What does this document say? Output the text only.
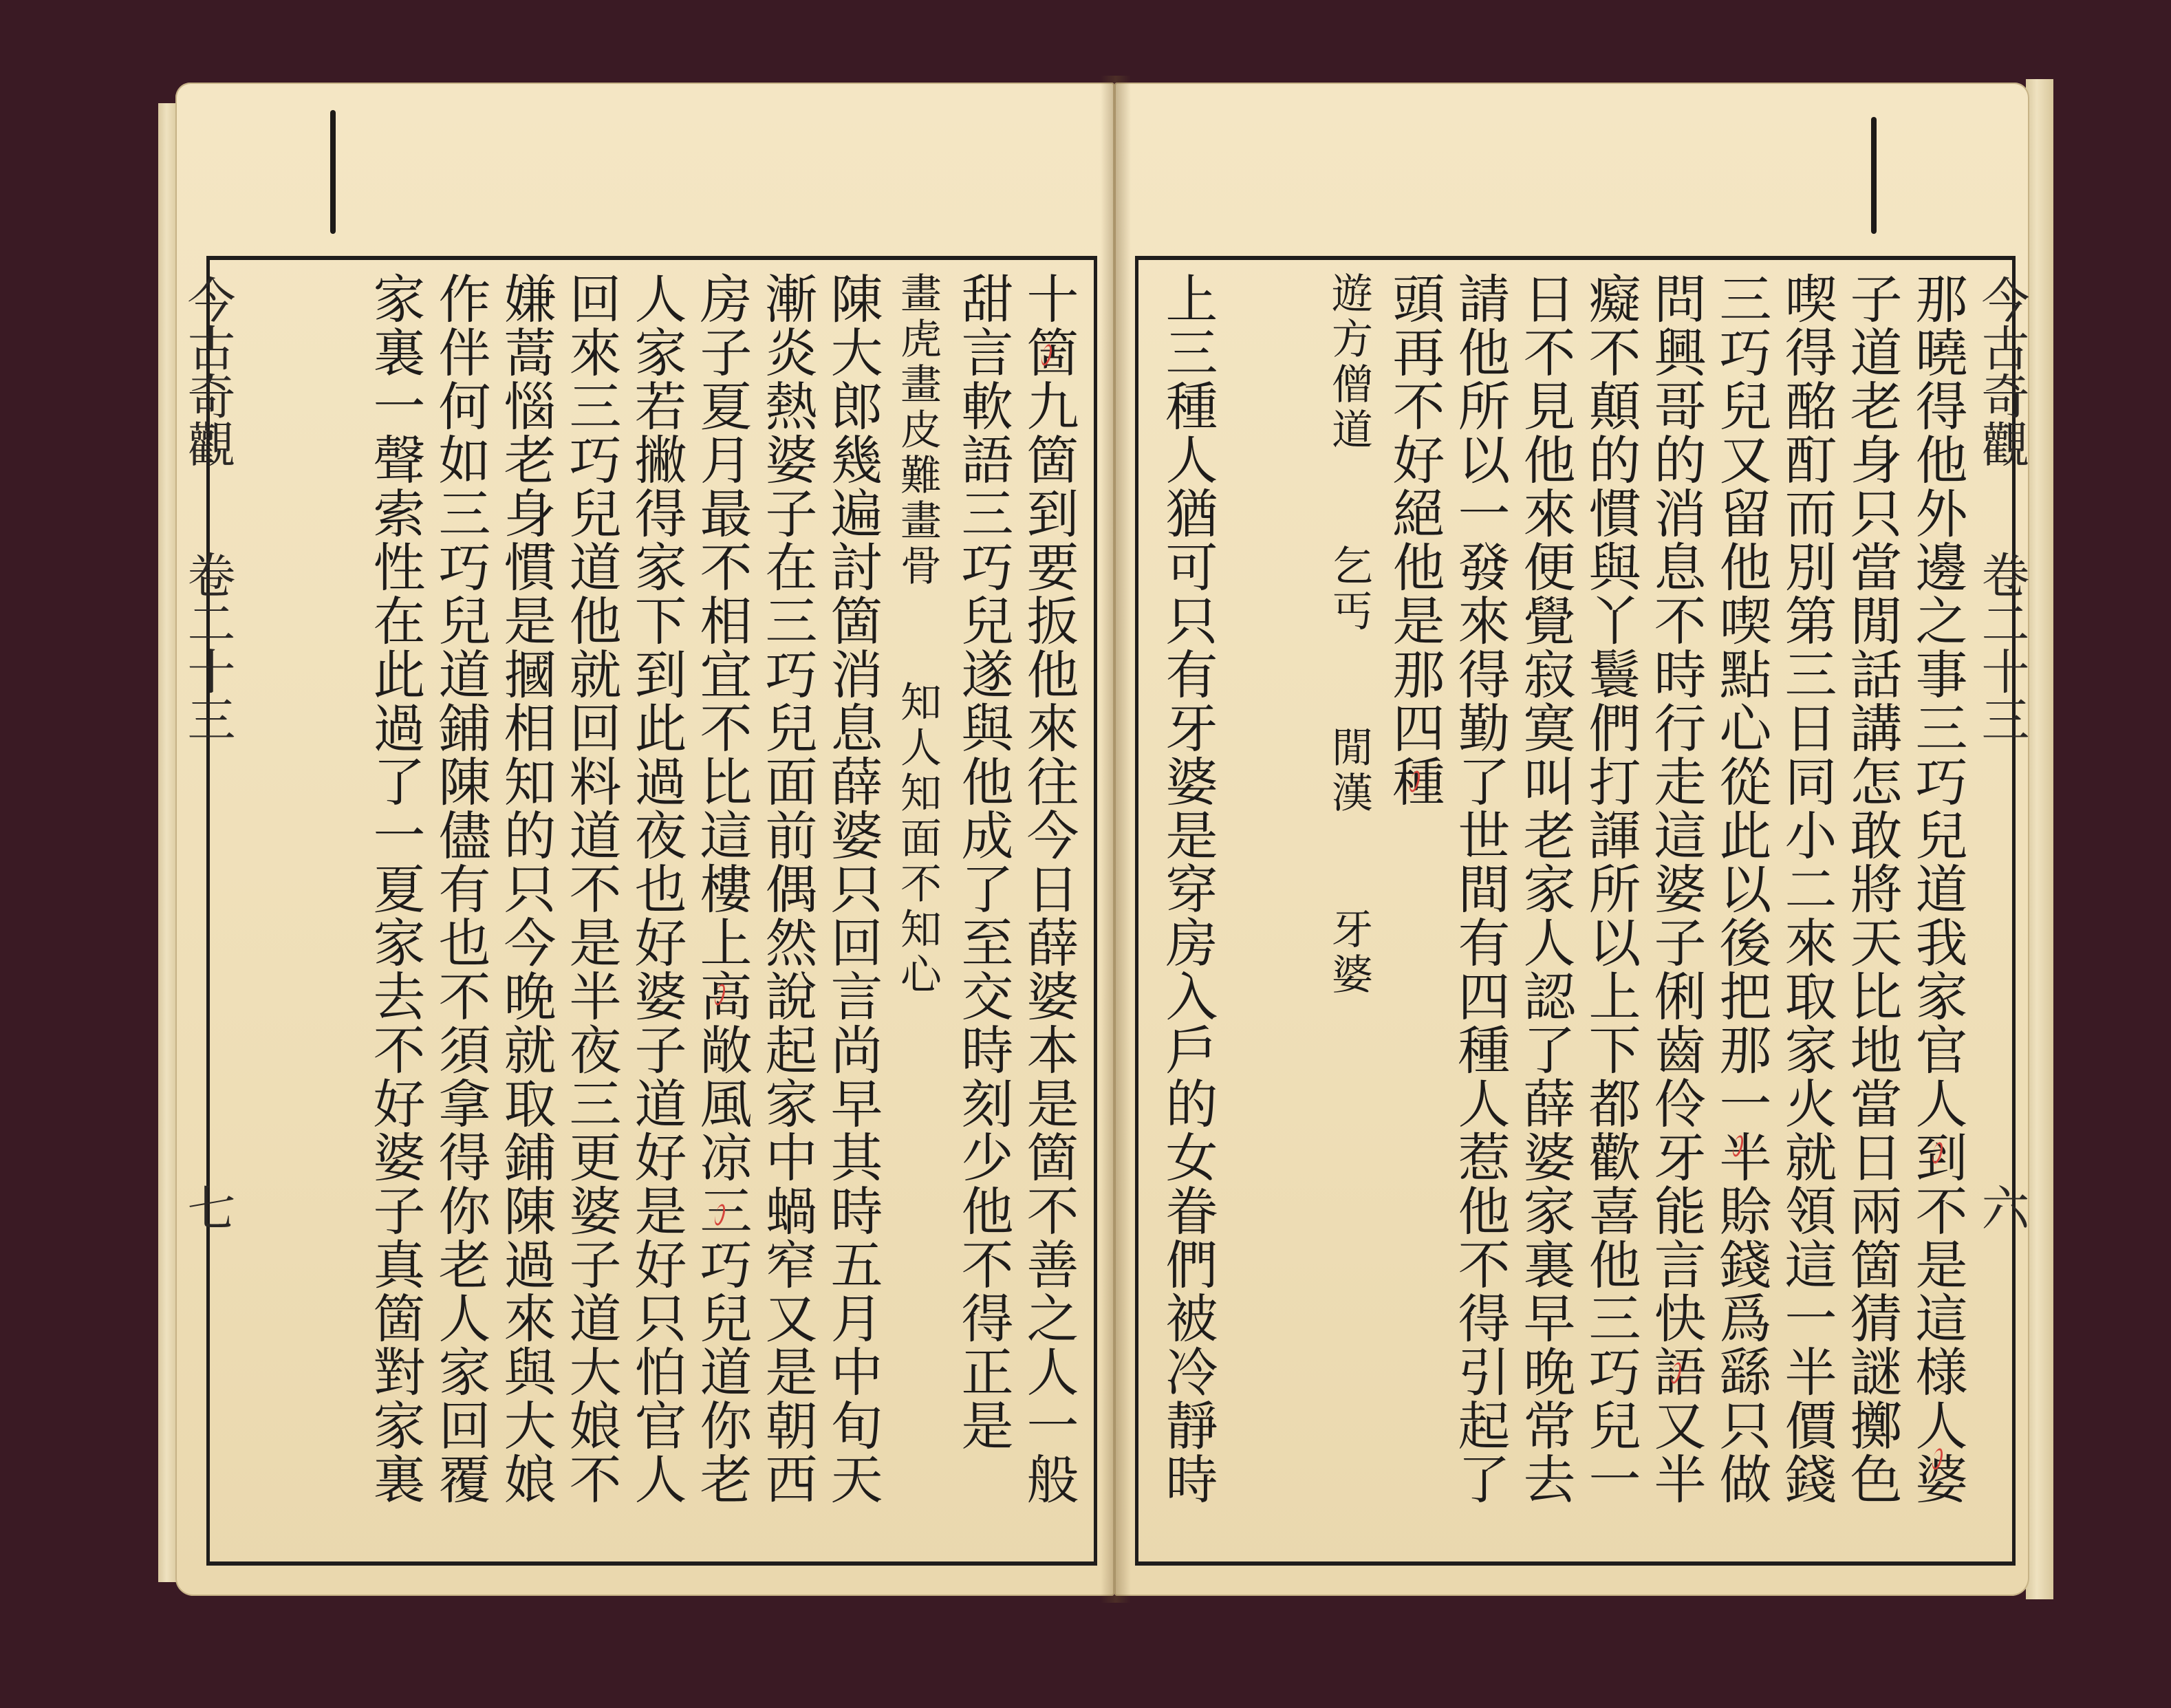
今古奇觀
卷二十三
七
今古奇觀
卷二十三
六
十箇九箇到要扳他來往今日薛婆本是箇不善之人一般
甜言軟語三巧兒遂與他成了至交時刻少他不得正是
畫虎畫皮難畫骨　　知人知面不知心
陳大郎幾遍討箇消息薛婆只回言尚早其時五月中旬天
漸炎熱婆子在三巧兒面前偶然說起家中蝸窄又是朝西
房子夏月最不相宜不比這樓上高敞風凉三巧兒道你老
人家若撇得家下到此過夜也好婆子道好是好只怕官人
回來三巧兒道他就回料道不是半夜三更婆子道大娘不
嫌蒿惱老身慣是摑相知的只今晚就取鋪陳過來與大娘
作伴何如三巧兒道鋪陳儘有也不須拿得你老人家回覆
家裏一聲索性在此過了一夏家去不好婆子真箇對家裏	那曉得他外邊之事三巧兒道我家官人到不是這様人婆
子道老身只當閒話講怎敢將天比地當日兩箇猜謎擲色
喫得酩酊而別第三日同小二來取家火就領這一半價錢
三巧兒又留他喫點心從此以後把那一半賒錢爲繇只做
問興哥的消息不時行走這婆子俐齒伶牙能言快語又半
癡不顛的慣與丫鬟們打諢所以上下都歡喜他三巧兒一
日不見他來便覺寂寞叫老家人認了薛婆家裏早晚常去
請他所以一發來得勤了世間有四種人惹他不得引起了
頭再不好絕他是那四種
遊方僧道　　乞丐　　閒漢　　牙婆
上三種人猶可只有牙婆是穿房入戶的女眷們被冷靜時
